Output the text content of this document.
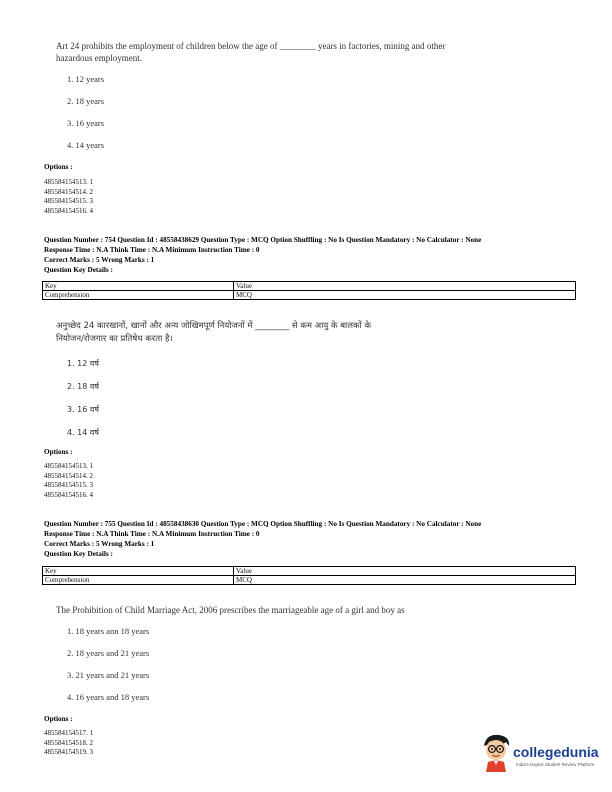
Art 24 prohibits the employment of children below the age of ________ years in factories, mining and other
hazardous employment.
1. 12 years
2. 18 years
3. 16 years
4. 14 years
Options :
485584154513. 1
485584154514. 2
485584154515. 3
485584154516. 4
Question Number : 754 Question Id : 48558438629 Question Type : MCQ Option Shuffling : No Is Question Mandatory : No Calculator : None
Response Time : N.A Think Time : N.A Minimum Instruction Time : 0
Correct Marks : 5 Wrong Marks : 1
Question Key Details :
Key	Value
Comprehension	MCQ
अनुच्छेद 24 कारखानों, खानों और अन्य जोखिमपूर्ण नियोजनों में ________ से कम आयु के बालकों के
नियोजन/रोजगार का प्रतिषेध करता है।
1. 12 वर्ष
2. 18 वर्ष
3. 16 वर्ष
4. 14 वर्ष
Options :
485584154513. 1
485584154514. 2
485584154515. 3
485584154516. 4
Question Number : 755 Question Id : 48558438630 Question Type : MCQ Option Shuffling : No Is Question Mandatory : No Calculator : None
Response Time : N.A Think Time : N.A Minimum Instruction Time : 0
Correct Marks : 5 Wrong Marks : 1
Question Key Details :
Key	Value
Comprehension	MCQ
The Prohibition of Child Marriage Act, 2006 prescribes the marriageable age of a girl and boy as
1. 18 years ann 18 years
2. 18 years and 21 years
3. 21 years and 21 years
4. 16 years and 18 years
Options :
485584154517. 1
485584154518. 2
485584154519. 3	collegedunia
India's largest Student Review Platform
